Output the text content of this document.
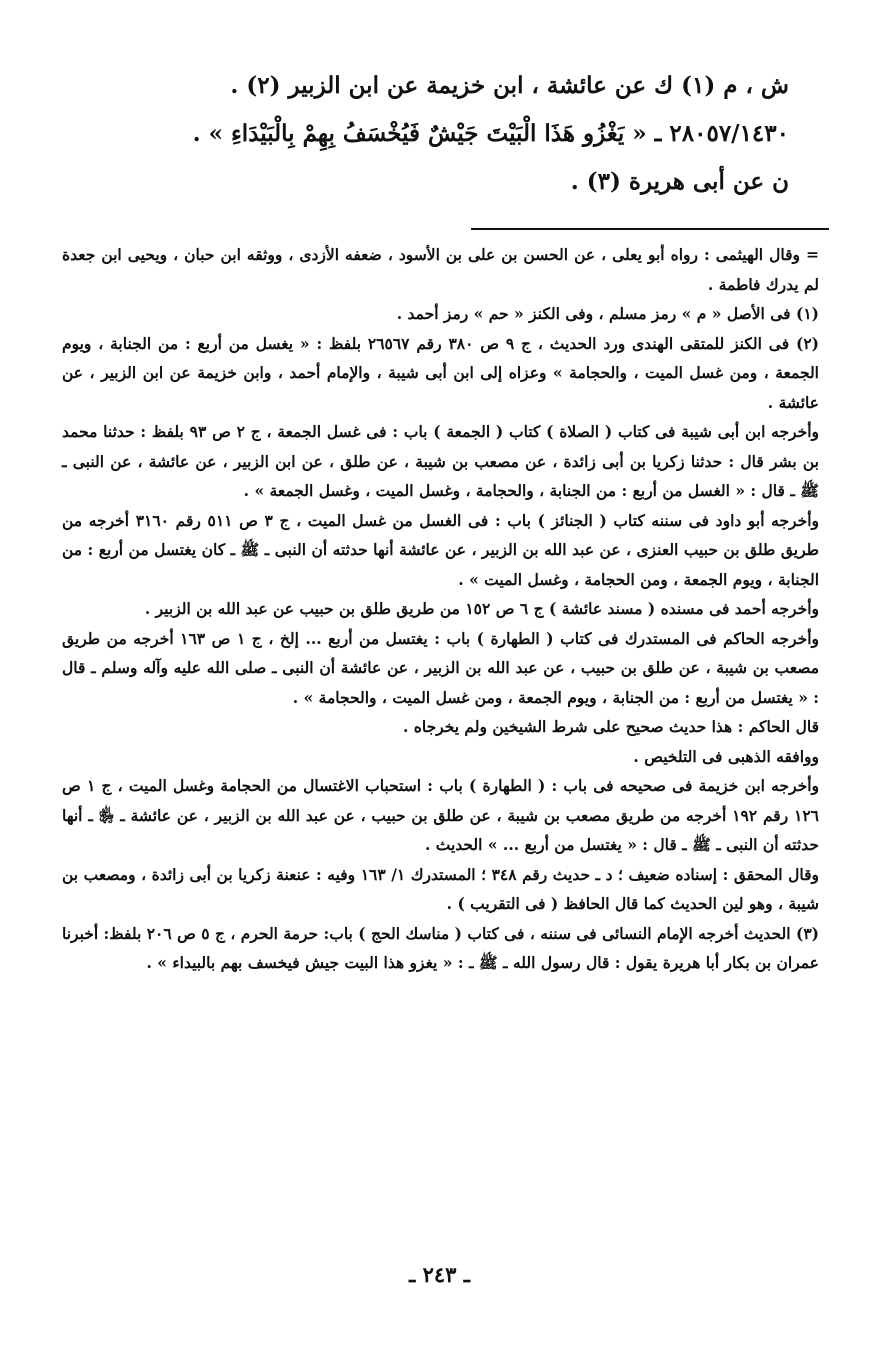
ش ، م (١) ك عن عائشة ، ابن خزيمة عن ابن الزبير (٢) .

٢٨٠٥٧/١٤٣٠ ـ « يَغْزُو هَذَا الْبَيْتَ جَيْشٌ فَيُخْسَفُ بِهِمْ بِالْبَيْدَاءِ » .

ن عن أبى هريرة (٣) .

= وقال الهيثمى : رواه أبو يعلى ، عن الحسن بن على بن الأسود ، ضعفه الأزدى ، ووثقه ابن حبان ، ويحيى ابن جعدة لم يدرك فاطمة .

(١) فى الأصل « م » رمز مسلم ، وفى الكنز « حم » رمز أحمد .

(٢) فى الكنز للمتقى الهندى ورد الحديث ، ج ٩ ص ٣٨٠ رقم ٢٦٥٦٧ بلفظ : « يغسل من أربع : من الجنابة ، ويوم الجمعة ، ومن غسل الميت ، والحجامة » وعزاه إلى ابن أبى شيبة ، والإمام أحمد ، وابن خزيمة عن ابن الزبير ، عن عائشة .

وأخرجه ابن أبى شيبة فى كتاب ( الصلاة ) كتاب ( الجمعة ) باب : فى غسل الجمعة ، ج ٢ ص ٩٣ بلفظ : حدثنا محمد بن بشر قال : حدثنا زكريا بن أبى زائدة ، عن مصعب بن شيبة ، عن طلق ، عن ابن الزبير ، عن عائشة ، عن النبى ـ ﷺ ـ قال : « الغسل من أربع : من الجنابة ، والحجامة ، وغسل الميت ، وغسل الجمعة » .

وأخرجه أبو داود فى سننه كتاب ( الجنائز ) باب : فى الغسل من غسل الميت ، ج ٣ ص ٥١١ رقم ٣١٦٠ أخرجه من طريق طلق بن حبيب العنزى ، عن عبد الله بن الزبير ، عن عائشة أنها حدثته أن النبى ـ ﷺ ـ كان يغتسل من أربع : من الجنابة ، ويوم الجمعة ، ومن الحجامة ، وغسل الميت » .

وأخرجه أحمد فى مسنده ( مسند عائشة ) ج ٦ ص ١٥٢ من طريق طلق بن حبيب عن عبد الله بن الزبير .

وأخرجه الحاكم فى المستدرك فى كتاب ( الطهارة ) باب : يغتسل من أربع ... إلخ ، ج ١ ص ١٦٣ أخرجه من طريق مصعب بن شيبة ، عن طلق بن حبيب ، عن عبد الله بن الزبير ، عن عائشة أن النبى ـ صلى الله عليه وآله وسلم ـ قال : « يغتسل من أربع : من الجنابة ، ويوم الجمعة ، ومن غسل الميت ، والحجامة » .

قال الحاكم : هذا حديث صحيح على شرط الشيخين ولم يخرجاه .

ووافقه الذهبى فى التلخيص .

وأخرجه ابن خزيمة فى صحيحه فى باب : ( الطهارة ) باب : استحباب الاغتسال من الحجامة وغسل الميت ، ج ١ ص ١٢٦ رقم ١٩٢ أخرجه من طريق مصعب بن شيبة ، عن طلق بن حبيب ، عن عبد الله بن الزبير ، عن عائشة ـ ﵂ ـ أنها حدثته أن النبى ـ ﷺ ـ قال : « يغتسل من أربع ... » الحديث .

وقال المحقق : إسناده ضعيف ؛ د ـ حديث رقم ٣٤٨ ؛ المستدرك ١/ ١٦٣ وفيه : عنعنة زكريا بن أبى زائدة ، ومصعب بن شيبة ، وهو لين الحديث كما قال الحافظ ( فى التقريب ) .

(٣) الحديث أخرجه الإمام النسائى فى سننه ، فى كتاب ( مناسك الحج ) باب: حرمة الحرم ، ج ٥ ص ٢٠٦ بلفظ: أخبرنا عمران بن بكار أبا هريرة يقول : قال رسول الله ـ ﷺ ـ : « يغزو هذا البيت جيش فيخسف بهم بالبيداء » .

ـ ٢٤٣ ـ
